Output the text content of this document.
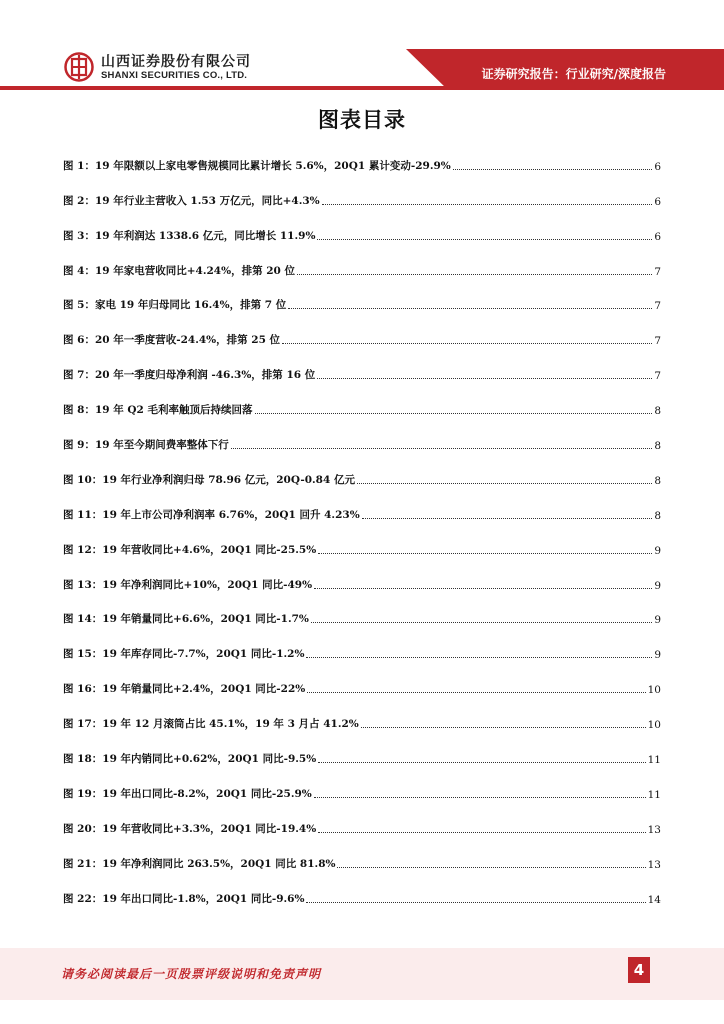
山西证券股份有限公司
SHANXI SECURITIES CO., LTD.	证券研究报告：行业研究/深度报告
图表目录
图 1：19 年限额以上家电零售规模同比累计增长 5.6%，20Q1 累计变动-29.9%	6
图 2：19 年行业主营收入 1.53 万亿元，同比+4.3%	6
图 3：19 年利润达 1338.6 亿元，同比增长 11.9%	6
图 4：19 年家电营收同比+4.24%，排第 20 位	7
图 5：家电 19 年归母同比 16.4%，排第 7 位	7
图 6：20 年一季度营收-24.4%，排第 25 位	7
图 7：20 年一季度归母净利润 -46.3%，排第 16 位	7
图 8：19 年 Q2 毛利率触顶后持续回落	8
图 9：19 年至今期间费率整体下行	8
图 10：19 年行业净利润归母 78.96 亿元，20Q-0.84 亿元	8
图 11：19 年上市公司净利润率 6.76%，20Q1 回升 4.23%	8
图 12：19 年营收同比+4.6%，20Q1 同比-25.5%	9
图 13：19 年净利润同比+10%，20Q1 同比-49%	9
图 14：19 年销量同比+6.6%，20Q1 同比-1.7%	9
图 15：19 年库存同比-7.7%，20Q1 同比-1.2%	9
图 16：19 年销量同比+2.4%，20Q1 同比-22%	10
图 17：19 年 12 月滚筒占比 45.1%，19 年 3 月占 41.2%	10
图 18：19 年内销同比+0.62%，20Q1 同比-9.5%	11
图 19：19 年出口同比-8.2%，20Q1 同比-25.9%	11
图 20：19 年营收同比+3.3%，20Q1 同比-19.4%	13
图 21：19 年净利润同比 263.5%，20Q1 同比 81.8%	13
图 22：19 年出口同比-1.8%，20Q1 同比-9.6%	14
请务必阅读最后一页股票评级说明和免责声明	4
